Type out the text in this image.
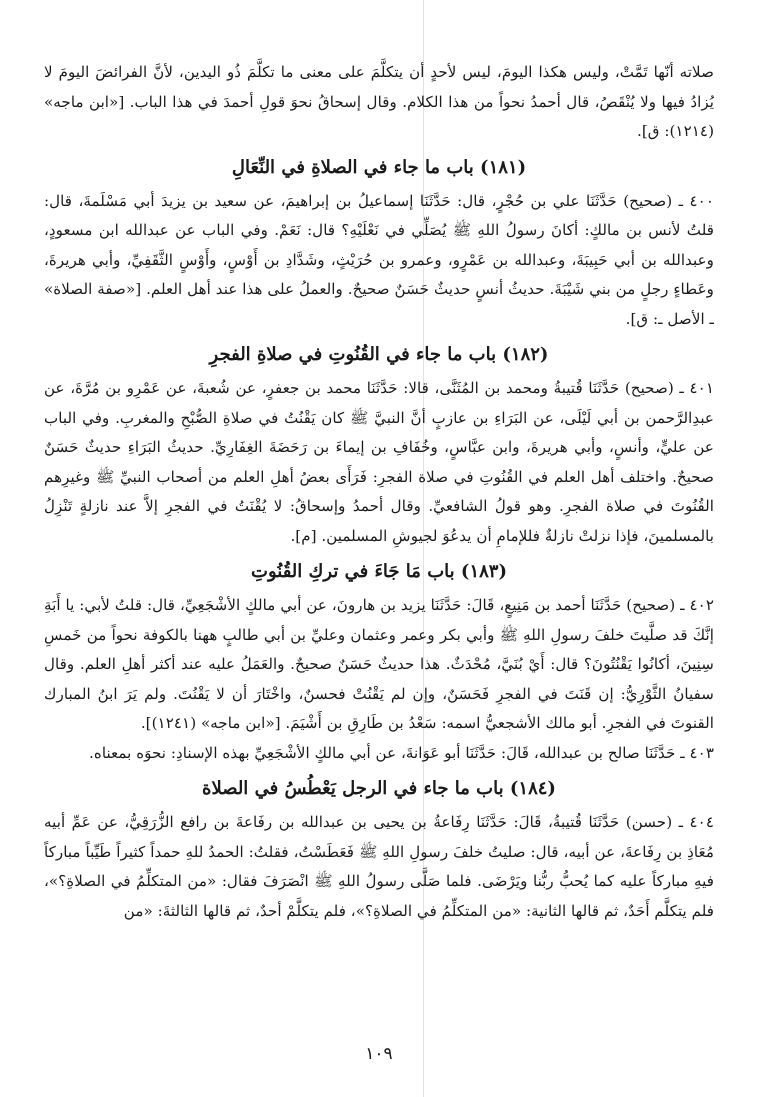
صلاته أنّها تَمَّتْ، وليس هكذا اليومَ، ليس لأحدٍ أن يتكلَّمَ على معنى ما تكلَّمَ ذُو اليدين، لأنَّ الفرائضَ اليومَ لا يُزادُ فيها ولا يُنْقَصُ، قال أحمدُ نحواً من هذا الكلام. وقال إسحاقُ نحوَ قولِ أحمدَ في هذا الباب. [«ابن ماجه» (١٢١٤): ق].

(١٨١) باب ما جاء في الصلاةِ في النِّعَالِ

٤٠٠ ـ (صحيح) حَدَّثَنَا علي بن حُجْرٍ، قال: حَدَّثَنَا إسماعيلُ بن إبراهيمَ، عن سعيد بن يزيدَ أبي مَسْلَمةَ، قال: قلتُ لأنس بن مالكٍ: أكانَ رسولُ اللهِ ﷺ يُصَلِّي في نَعْلَيْهِ؟ قال: نَعَمْ. وفي الباب عن عبدالله ابن مسعودٍ، وعبدالله بن أبي حَبِيبَةَ، وعبدالله بن عَمْرٍو، وعمرو بن حُرَيْثٍ، وشَدَّادِ بن أَوْسٍ، وأَوْسٍ الثَّقَفِيِّ، وأبي هريرةَ، وعَطاءٍ رجلٍ من بني شَيْبَةَ. حديثُ أنسٍ حديثٌ حَسَنٌ صحيحٌ. والعملُ على هذا عند أهل العلم. [«صفة الصلاة» ـ الأصل ـ: ق].

(١٨٢) باب ما جاء في القُنُوتِ في صلاةِ الفجرِ

٤٠١ ـ (صحيح) حَدَّثَنَا قُتيبةُ ومحمد بن المُثَنَّى، قالا: حَدَّثَنَا محمد بن جعفرٍ، عن شُعبةَ، عن عَمْرِو بن مُرَّةَ، عن عبدِالرَّحمن بن أبي لَيْلَى، عن البَرَاءِ بن عازبٍ أنَّ النبيَّ ﷺ كان يَقْنُتُ في صلاةِ الصُّبْحِ والمغربِ. وفي الباب عن عليٍّ، وأنسٍ، وأبي هريرةَ، وابن عبَّاسٍ، وخُفَافِ بن إيماءَ بن رَحَضَةَ الغِفَارِيِّ. حديثُ البَرَاءِ حديثٌ حَسَنٌ صحيحٌ. واختلف أهل العلم في القُنُوتِ في صلاة الفجرِ: فَرَأَى بعضُ أهلِ العلم من أصحاب النبيِّ ﷺ وغيرِهم القُنُوتَ في صلاة الفجرِ. وهو قولُ الشافعيِّ. وقال أحمدُ وإسحاقُ: لا يُقْنَتُ في الفجرِ إلاَّ عند نازلةٍ تَنْزِلُ بالمسلمينَ، فإذا نزلتْ نازلةٌ فللإمامِ أن يدعُوَ لجيوشِ المسلمين. [م].

(١٨٣) باب مَا جَاءَ في تركِ القُنُوتِ

٤٠٢ ـ (صحيح) حَدَّثَنَا أحمد بن مَنِيعٍ، قَالَ: حَدَّثَنَا يزيد بن هارونَ، عن أبي مالكٍ الأشْجَعِيِّ، قال: قلتُ لأبي: يا أَبَةِ إنَّكَ قد صلَّيتَ خلفَ رسولِ اللهِ ﷺ وأبي بكر وعمر وعثمان وعليِّ بن أبي طالبٍ ههنا بالكوفة نحواً من خَمسِ سِنِينَ، أكانُوا يَقْنُتُونَ؟ قال: أَيْ بُنَيَّ، مُحْدَثٌ. هذا حديثٌ حَسَنٌ صحيحٌ. والعَمَلُ عليه عند أكثر أهلِ العلم. وقال سفيانُ الثَّوْرِيُّ: إن قَنَتَ في الفجرِ فَحَسَنٌ، وإن لم يَقْنُتْ فحسنٌ، واخْتَارَ أن لا يَقْنُتَ. ولم يَرَ ابنُ المبارك القنوتَ في الفجرِ. أبو مالك الأشجعيُّ اسمه: سَعْدُ بن طَارِقِ بن أَشْيَمَ. [«ابن ماجه» (١٢٤١)].

٤٠٣ ـ حَدَّثَنَا صالح بن عبدالله، قَالَ: حَدَّثَنَا أبو عَوَانةَ، عن أبي مالكٍ الأشْجَعِيِّ بهذه الإسنادِ: نحوَه بمعناه.

(١٨٤) باب ما جاء في الرجل يَعْطُسُ في الصلاة

٤٠٤ ـ (حسن) حَدَّثَنَا قُتيبةُ، قَالَ: حَدَّثَنَا رِفَاعةُ بن يحيى بن عبدالله بن رفَاعةَ بن رافع الزُّرَقِيُّ، عن عَمِّ أبيه مُعَاذِ بن رِفَاعةَ، عن أبيه، قال: صليتُ خلفَ رسولِ اللهِ ﷺ فَعَطَسْتُ، فقلتُ: الحمدُ للهِ حمداً كثيراً طَيِّباً مباركاً فيهِ مباركاً عليه كما يُحبُّ ربُّنا ويَرْضَى. فلما صَلَّى رسولُ اللهِ ﷺ انْصَرَفَ فقال: «من المتكلِّمُ في الصلاةِ؟»، فلم يتكلَّم أَحَدٌ، ثم قالها الثانية: «من المتكلِّمُ في الصلاةِ؟»، فلم يتكلَّمْ أحدٌ، ثم قالها الثالثةَ: «من

١٠٩
